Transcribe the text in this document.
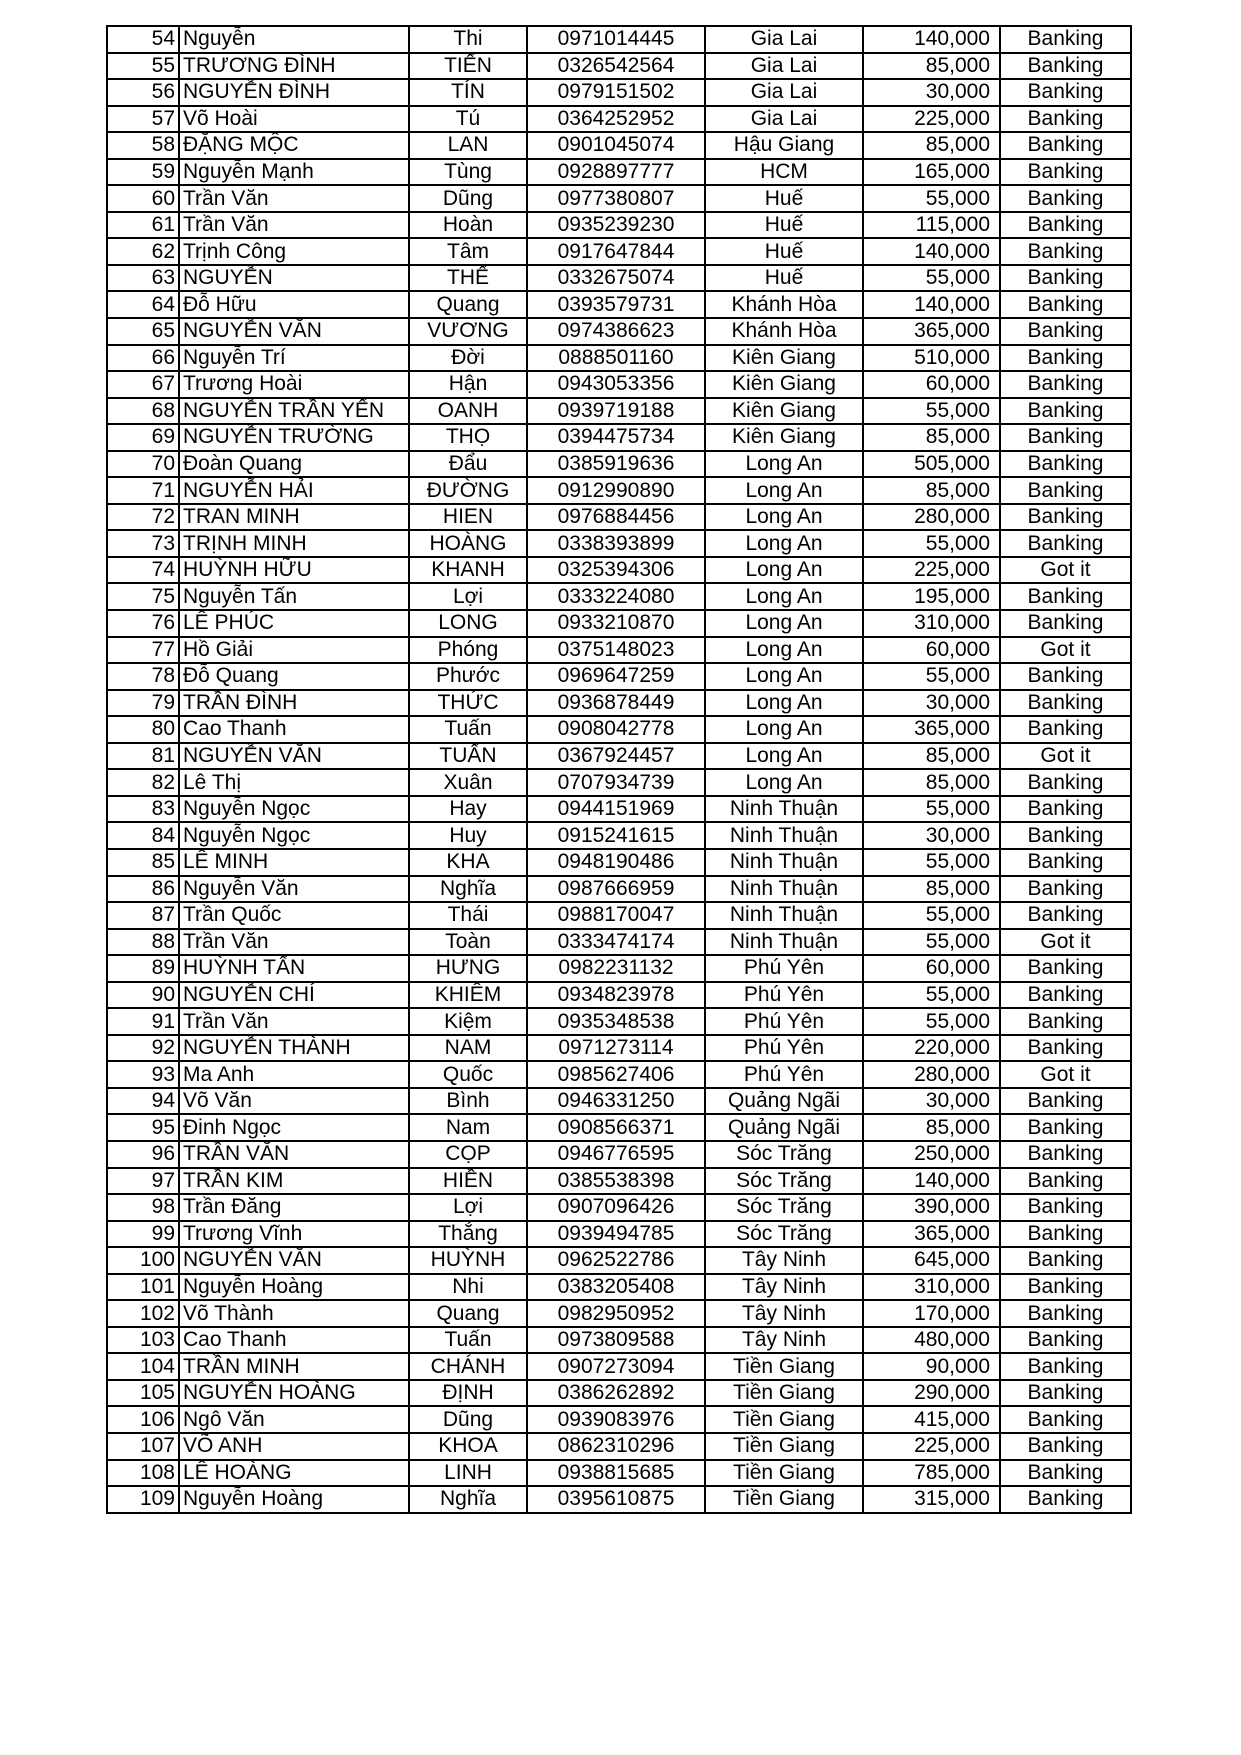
54	Nguyễn	Thi	0971014445	Gia Lai	140,000	Banking
55	TRƯƠNG ĐÌNH	TIẾN	0326542564	Gia Lai	85,000	Banking
56	NGUYỄN ĐÌNH	TÍN	0979151502	Gia Lai	30,000	Banking
57	Võ Hoài	Tú	0364252952	Gia Lai	225,000	Banking
58	ĐẶNG MỘC	LAN	0901045074	Hậu Giang	85,000	Banking
59	Nguyễn Mạnh	Tùng	0928897777	HCM	165,000	Banking
60	Trần Văn	Dũng	0977380807	Huế	55,000	Banking
61	Trần Văn	Hoàn	0935239230	Huế	115,000	Banking
62	Trịnh Công	Tâm	0917647844	Huế	140,000	Banking
63	NGUYỄN	THẾ	0332675074	Huế	55,000	Banking
64	Đỗ Hữu	Quang	0393579731	Khánh Hòa	140,000	Banking
65	NGUYỄN VĂN	VƯƠNG	0974386623	Khánh Hòa	365,000	Banking
66	Nguyễn Trí	Đời	0888501160	Kiên Giang	510,000	Banking
67	Trương Hoài	Hận	0943053356	Kiên Giang	60,000	Banking
68	NGUYỄN TRẦN YẾN	OANH	0939719188	Kiên Giang	55,000	Banking
69	NGUYỄN TRƯỜNG	THỌ	0394475734	Kiên Giang	85,000	Banking
70	Đoàn Quang	Đẩu	0385919636	Long An	505,000	Banking
71	NGUYỄN HẢI	ĐƯỜNG	0912990890	Long An	85,000	Banking
72	TRAN MINH	HIEN	0976884456	Long An	280,000	Banking
73	TRỊNH MINH	HOÀNG	0338393899	Long An	55,000	Banking
74	HUỲNH HỮU	KHANH	0325394306	Long An	225,000	Got it
75	Nguyễn Tấn	Lợi	0333224080	Long An	195,000	Banking
76	LÊ PHÚC	LONG	0933210870	Long An	310,000	Banking
77	Hồ Giải	Phóng	0375148023	Long An	60,000	Got it
78	Đỗ Quang	Phước	0969647259	Long An	55,000	Banking
79	TRẦN ĐÌNH	THỨC	0936878449	Long An	30,000	Banking
80	Cao Thanh	Tuấn	0908042778	Long An	365,000	Banking
81	NGUYỄN VĂN	TUẤN	0367924457	Long An	85,000	Got it
82	Lê Thị	Xuân	0707934739	Long An	85,000	Banking
83	Nguyễn Ngọc	Hay	0944151969	Ninh Thuận	55,000	Banking
84	Nguyễn Ngọc	Huy	0915241615	Ninh Thuận	30,000	Banking
85	LÊ MINH	KHA	0948190486	Ninh Thuận	55,000	Banking
86	Nguyễn Văn	Nghĩa	0987666959	Ninh Thuận	85,000	Banking
87	Trần Quốc	Thái	0988170047	Ninh Thuận	55,000	Banking
88	Trần Văn	Toàn	0333474174	Ninh Thuận	55,000	Got it
89	HUỲNH TẤN	HƯNG	0982231132	Phú Yên	60,000	Banking
90	NGUYỄN CHÍ	KHIÊM	0934823978	Phú Yên	55,000	Banking
91	Trần Văn	Kiệm	0935348538	Phú Yên	55,000	Banking
92	NGUYỄN THÀNH	NAM	0971273114	Phú Yên	220,000	Banking
93	Ma Anh	Quốc	0985627406	Phú Yên	280,000	Got it
94	Võ Văn	Bình	0946331250	Quảng Ngãi	30,000	Banking
95	Đinh Ngọc	Nam	0908566371	Quảng Ngãi	85,000	Banking
96	TRẦN VĂN	CỌP	0946776595	Sóc Trăng	250,000	Banking
97	TRẦN KIM	HIỀN	0385538398	Sóc Trăng	140,000	Banking
98	Trần Đăng	Lợi	0907096426	Sóc Trăng	390,000	Banking
99	Trương Vĩnh	Thắng	0939494785	Sóc Trăng	365,000	Banking
100	NGUYỄN VĂN	HUỲNH	0962522786	Tây Ninh	645,000	Banking
101	Nguyễn Hoàng	Nhi	0383205408	Tây Ninh	310,000	Banking
102	Võ Thành	Quang	0982950952	Tây Ninh	170,000	Banking
103	Cao Thanh	Tuấn	0973809588	Tây Ninh	480,000	Banking
104	TRẦN MINH	CHÁNH	0907273094	Tiền Giang	90,000	Banking
105	NGUYỄN HOÀNG	ĐỊNH	0386262892	Tiền Giang	290,000	Banking
106	Ngô Văn	Dũng	0939083976	Tiền Giang	415,000	Banking
107	VÕ ANH	KHOA	0862310296	Tiền Giang	225,000	Banking
108	LÊ HOÀNG	LINH	0938815685	Tiền Giang	785,000	Banking
109	Nguyễn Hoàng	Nghĩa	0395610875	Tiền Giang	315,000	Banking
